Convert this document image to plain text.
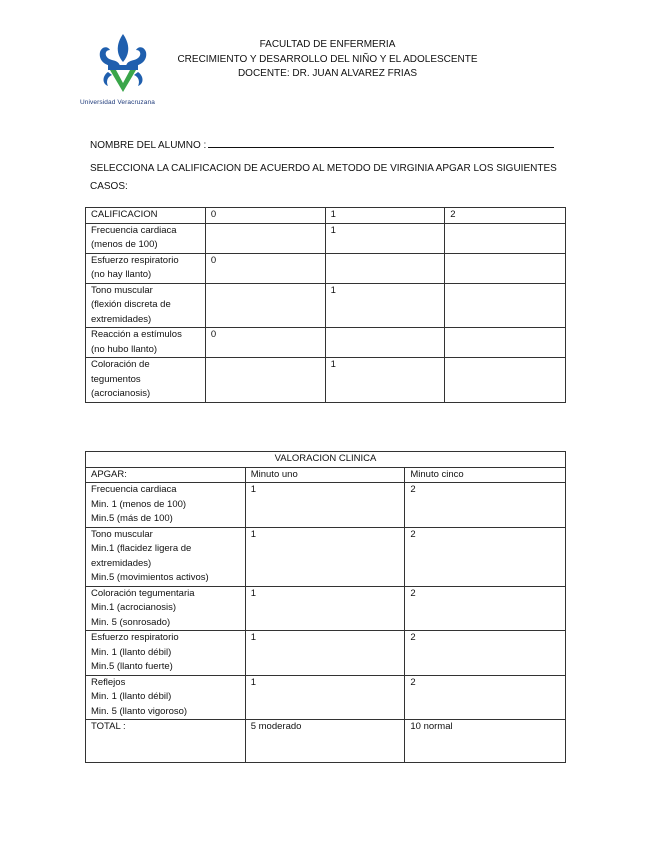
Universidad Veracruzana
FACULTAD DE ENFERMERIA
CRECIMIENTO Y DESARROLLO DEL NIÑO Y EL ADOLESCENTE
DOCENTE: DR. JUAN ALVAREZ FRIAS
NOMBRE DEL ALUMNO :
SELECCIONA LA CALIFICACION DE ACUERDO AL METODO DE VIRGINIA APGAR LOS SIGUIENTES
CASOS:
CALIFICACION	0	1	2
Frecuencia cardiaca
(menos de 100)		1	
Esfuerzo respiratorio
(no hay llanto)	0		
Tono muscular
(flexión discreta de
extremidades)		1	
Reacción a estímulos
(no hubo llanto)	0		
Coloración de
tegumentos
(acrocianosis)		1	
VALORACION CLINICA		
APGAR:	Minuto uno	Minuto cinco
Frecuencia cardiaca
Min. 1 (menos de 100)
Min.5 (más de 100)	1	2
Tono muscular
Min.1 (flacidez ligera de
extremidades)
Min.5 (movimientos activos)	1	2
Coloración tegumentaria
Min.1 (acrocianosis)
Min. 5 (sonrosado)	1	2
Esfuerzo respiratorio
Min. 1 (llanto débil)
Min.5 (llanto fuerte)	1	2
Reflejos
Min. 1 (llanto débil)
Min. 5 (llanto vigoroso)	1	2
TOTAL :	5 moderado	10 normal
